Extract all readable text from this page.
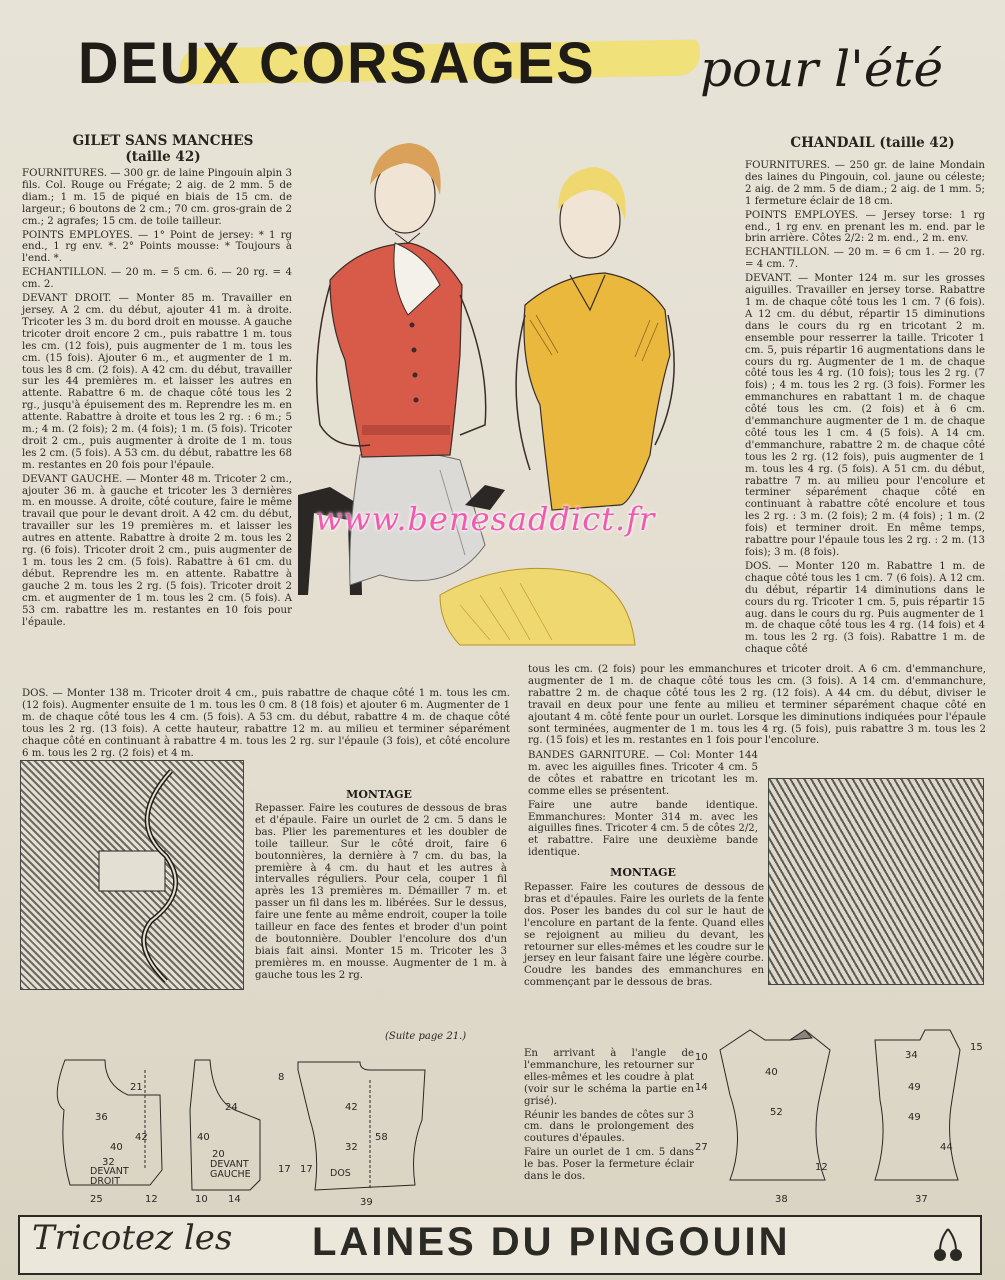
DEUX CORSAGES pour l'été
GILET SANS MANCHES
(taille 42)

FOURNITURES. — 300 gr. de laine Pingouin alpin 3 fils. Col. Rouge ou Frégate; 2 aig. de 2 mm. 5 de diam.; 1 m. 15 de piqué en biais de 15 cm. de largeur.; 6 boutons de 2 cm.; 70 cm. gros-grain de 2 cm.; 2 agrafes; 15 cm. de toile tailleur.

POINTS EMPLOYES. — 1° Point de jersey: * 1 rg end., 1 rg env. *. 2° Points mousse: * Toujours à l'end. *.

ECHANTILLON. — 20 m. = 5 cm. 6. — 20 rg. = 4 cm. 2.

DEVANT DROIT. — Monter 85 m. Travailler en jersey. A 2 cm. du début, ajouter 41 m. à droite. Tricoter les 3 m. du bord droit en mousse. A gauche tricoter droit encore 2 cm., puis rabattre 1 m. tous les cm. (12 fois), puis augmenter de 1 m. tous les cm. (15 fois). Ajouter 6 m., et augmenter de 1 m. tous les 8 cm. (2 fois). A 42 cm. du début, travailler sur les 44 premières m. et laisser les autres en attente. Rabattre 6 m. de chaque côté tous les 2 rg., jusqu'à épuisement des m. Reprendre les m. en attente. Rabattre à droite et tous les 2 rg. : 6 m.; 5 m.; 4 m. (2 fois); 2 m. (4 fois); 1 m. (5 fois). Tricoter droit 2 cm., puis augmenter à droite de 1 m. tous les 2 cm. (5 fois). A 53 cm. du début, rabattre les 68 m. restantes en 20 fois pour l'épaule.

DEVANT GAUCHE. — Monter 48 m. Tricoter 2 cm., ajouter 36 m. à gauche et tricoter les 3 dernières m. en mousse. A droite, côté couture, faire le même travail que pour le devant droit. A 42 cm. du début, travailler sur les 19 premières m. et laisser les autres en attente. Rabattre à droite 2 m. tous les 2 rg. (6 fois). Tricoter droit 2 cm., puis augmenter de 1 m. tous les 2 cm. (5 fois). Rabattre à 61 cm. du début. Reprendre les m. en attente. Rabattre à gauche 2 m. tous les 2 rg. (5 fois). Tricoter droit 2 cm. et augmenter de 1 m. tous les 2 cm. (5 fois). A 53 cm. rabattre les m. restantes en 10 fois pour l'épaule.

DOS. — Monter 138 m. Tricoter droit 4 cm., puis rabattre de chaque côté 1 m. tous les cm. (12 fois). Augmenter ensuite de 1 m. tous les 0 cm. 8 (18 fois) et ajouter 6 m. Augmenter de 1 m. de chaque côté tous les 4 cm. (5 fois). A 53 cm. du début, rabattre 4 m. de chaque côté tous les 2 rg. (13 fois). A cette hauteur, rabattre 12 m. au milieu et terminer séparément chaque côté en continuant à rabattre 4 m. tous les 2 rg. sur l'épaule (3 fois), et côté encolure 6 m. tous les 2 rg. (2 fois) et 4 m.
www.benesaddict.fr
CHANDAIL (taille 42)

FOURNITURES. — 250 gr. de laine Mondain des laines du Pingouin, col. jaune ou céleste; 2 aig. de 2 mm. 5 de diam.; 2 aig. de 1 mm. 5; 1 fermeture éclair de 18 cm.

POINTS EMPLOYES. — Jersey torse: 1 rg end., 1 rg env. en prenant les m. end. par le brin arrière. Côtes 2/2: 2 m. end., 2 m. env.

ECHANTILLON. — 20 m. = 6 cm 1. — 20 rg. = 4 cm. 7.

DEVANT. — Monter 124 m. sur les grosses aiguilles. Travailler en jersey torse. Rabattre 1 m. de chaque côté tous les 1 cm. 7 (6 fois). A 12 cm. du début, répartir 15 diminutions dans le cours du rg en tricotant 2 m. ensemble pour resserrer la taille. Tricoter 1 cm. 5, puis répartir 16 augmentations dans le cours du rg. Augmenter de 1 m. de chaque côté tous les 4 rg. (10 fois); tous les 2 rg. (7 fois) ; 4 m. tous les 2 rg. (3 fois). Former les emmanchures en rabattant 1 m. de chaque côté tous les cm. (2 fois) et à 6 cm. d'emmanchure augmenter de 1 m. de chaque côté tous les 1 cm. 4 (5 fois). A 14 cm. d'emmanchure, rabattre 2 m. de chaque côté tous les 2 rg. (12 fois), puis augmenter de 1 m. tous les 4 rg. (5 fois). A 51 cm. du début, rabattre 7 m. au milieu pour l'encolure et terminer séparément chaque côté en continuant à rabattre côté encolure et tous les 2 rg. : 3 m. (2 fois); 2 m. (4 fois) ; 1 m. (2 fois) et terminer droit. En même temps, rabattre pour l'épaule tous les 2 rg. : 2 m. (13 fois); 3 m. (8 fois).

DOS. — Monter 120 m. Rabattre 1 m. de chaque côté tous les 1 cm. 7 (6 fois). A 12 cm. du début, répartir 14 diminutions dans le cours du rg. Tricoter 1 cm. 5, puis répartir 15 aug. dans le cours du rg. Puis augmenter de 1 m. de chaque côté tous les 4 rg. (14 fois) et 4 m. tous les 2 rg. (3 fois). Rabattre 1 m. de chaque côté

tous les cm. (2 fois) pour les emmanchures et tricoter droit. A 6 cm. d'emmanchure, augmenter de 1 m. de chaque côté tous les cm. (3 fois). A 14 cm. d'emmanchure, rabattre 2 m. de chaque côté tous les 2 rg. (12 fois). A 44 cm. du début, diviser le travail en deux pour une fente au milieu et terminer séparément chaque côté en ajoutant 4 m. côté fente pour un ourlet. Lorsque les diminutions indiquées pour l'épaule sont terminées, augmenter de 1 m. tous les 4 rg. (5 fois), puis rabattre 3 m. tous les 2 rg. (15 fois) et les m. restantes en 1 fois pour l'encolure.

BANDES GARNITURE. — Col: Monter 144 m. avec les aiguilles fines. Tricoter 4 cm. 5 de côtes et rabattre en tricotant les m. comme elles se présentent.

Faire une autre bande identique. Emmanchures: Monter 314 m. avec les aiguilles fines. Tricoter 4 cm. 5 de côtes 2/2, et rabattre. Faire une deuxième bande identique.

MONTAGE
Repasser. Faire les coutures de dessous de bras et d'épaule. Faire un ourlet de 2 cm. 5 dans le bas. Plier les parementures et les doubler de toile tailleur. Sur le côté droit, faire 6 boutonnières, la dernière à 7 cm. du bas, la première à 4 cm. du haut et les autres à intervalles réguliers. Pour cela, couper 1 fil après les 13 premières m. Démailler 7 m. et passer un fil dans les m. libérées. Sur le dessus, faire une fente au même endroit, couper la toile tailleur en face des fentes et broder d'un point de boutonnière. Doubler l'encolure dos d'un biais fait ainsi. Monter 15 m. Tricoter les 3 premières m. en mousse. Augmenter de 1 m. à gauche tous les 2 rg.
(Suite page 21.)
MONTAGE

Repasser. Faire les coutures de dessous de bras et d'épaules. Faire les ourlets de la fente dos. Poser les bandes du col sur le haut de l'encolure en partant de la fente. Quand elles se rejoignent au milieu du devant, les retourner sur elles-mêmes et les coudre sur le jersey en leur faisant faire une légère courbe. Coudre les bandes des emmanchures en commençant par le dessous de bras.

En arrivant à l'angle de l'emmanchure, les retourner sur elles-mêmes et les coudre à plat (voir sur le schéma la partie en grisé).

Réunir les bandes de côtes sur 3 cm. dans le prolongement des coutures d'épaules.

Faire un ourlet de 1 cm. 5 dans le bas. Poser la fermeture éclair dans le dos.

21
36
40
42
32
DEVANT
DROIT
25	12
24
40
20
DEVANT
GAUCHE	17
10 14
8
42
58
32
17 DOS
39
10
14
40
52
27
12
38
34
15
49
49
44
37
Tricotez les LAINES DU PINGOUIN
